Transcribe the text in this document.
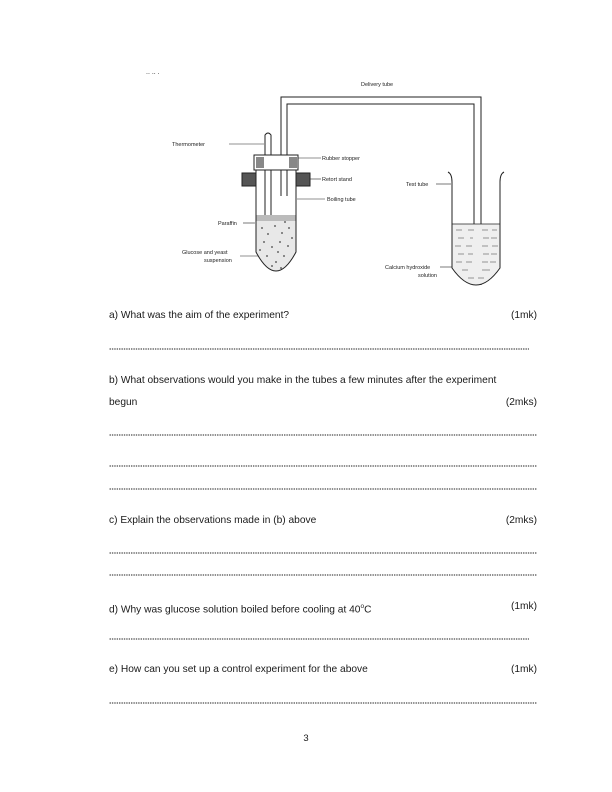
.. .. .
Delivery tube
Thermometer
Rubber stopper
Retort stand
Boiling tube
Paraffin
Glucose and yeast
suspension
Test tube
Calcium hydroxide
solution
a) What was the aim of the experiment?	(1mk)
b) What observations would you make in the tubes a few minutes after the experiment
begun	(2mks)
c) Explain the observations made in (b) above	(2mks)
d) Why was glucose solution boiled before cooling at 40$^o$C	(1mk)
e) How can you set up a control experiment for the above	(1mk)
3
